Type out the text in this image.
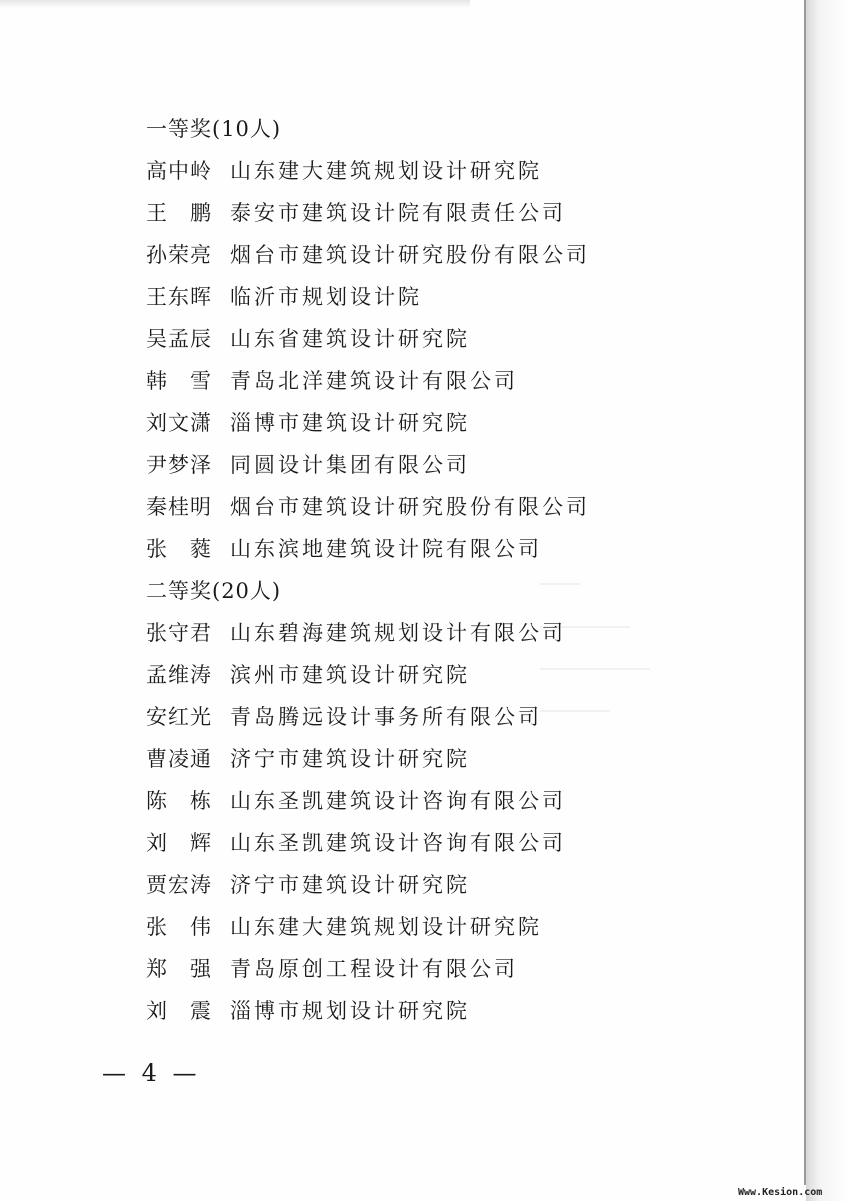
一等奖(10人)
高中岭 山东建大建筑规划设计研究院
王　鹏 泰安市建筑设计院有限责任公司
孙荣亮 烟台市建筑设计研究股份有限公司
王东晖 临沂市规划设计院
吴孟辰 山东省建筑设计研究院
韩　雪 青岛北洋建筑设计有限公司
刘文潇 淄博市建筑设计研究院
尹梦泽 同圆设计集团有限公司
秦桂明 烟台市建筑设计研究股份有限公司
张　蕤 山东滨地建筑设计院有限公司
二等奖(20人)
张守君 山东碧海建筑规划设计有限公司
孟维涛 滨州市建筑设计研究院
安红光 青岛腾远设计事务所有限公司
曹凌通 济宁市建筑设计研究院
陈　栋 山东圣凯建筑设计咨询有限公司
刘　辉 山东圣凯建筑设计咨询有限公司
贾宏涛 济宁市建筑设计研究院
张　伟 山东建大建筑规划设计研究院
郑　强 青岛原创工程设计有限公司
刘　震 淄博市规划设计研究院
— 4 —
Www.Kesion.com
